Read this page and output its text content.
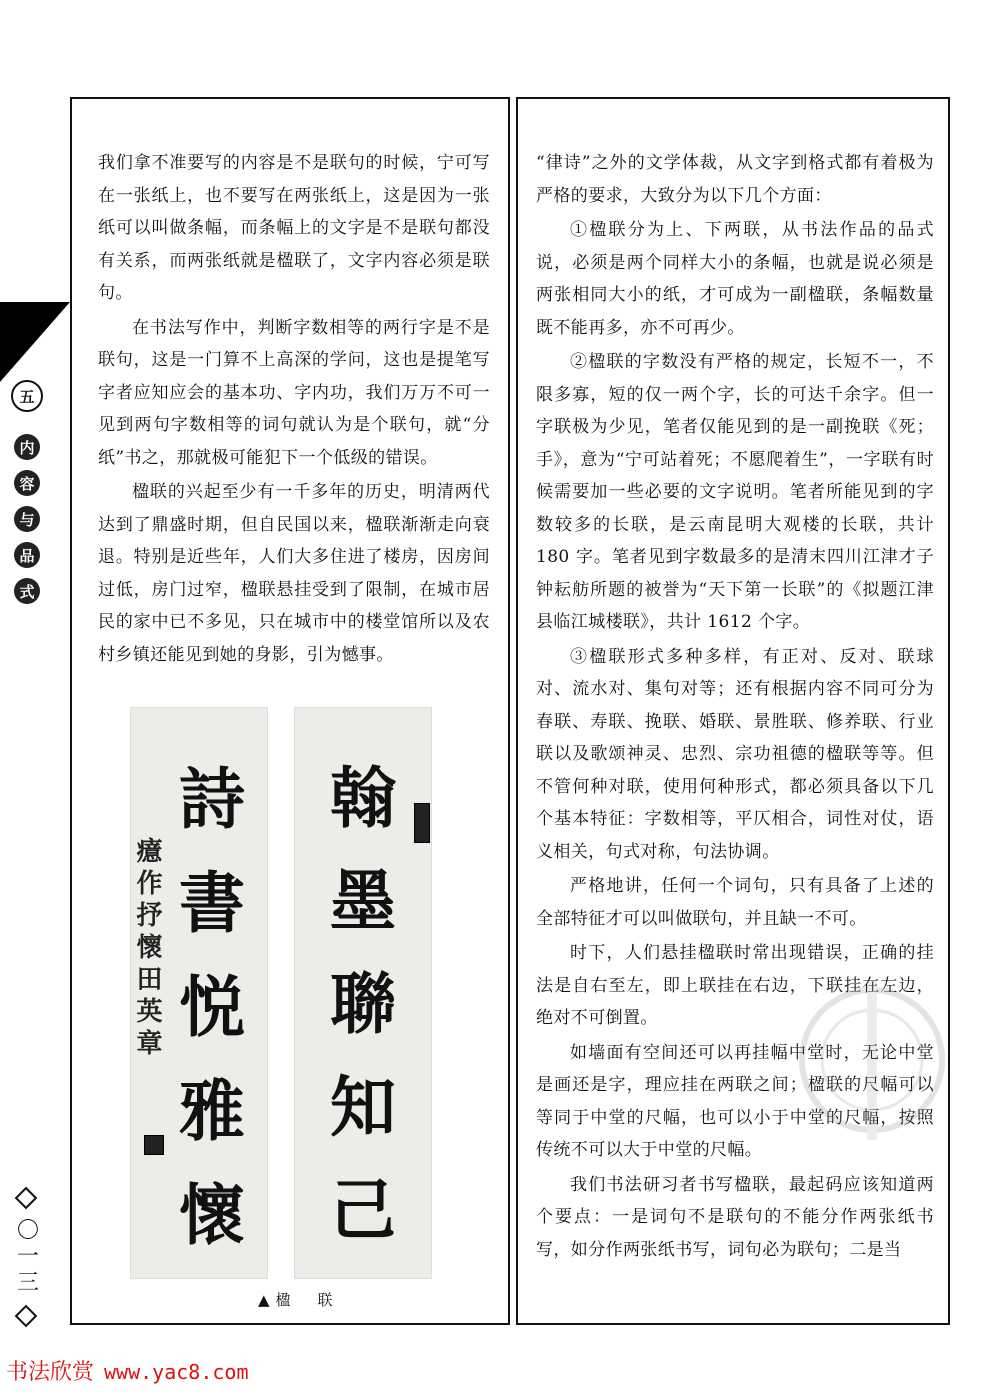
五
内
容
与
品
式
〇一三

我们拿不准要写的内容是不是联句的时候，宁可写在一张纸上，也不要写在两张纸上，这是因为一张纸可以叫做条幅，而条幅上的文字是不是联句都没有关系，而两张纸就是楹联了，文字内容必须是联句。

在书法写作中，判断字数相等的两行字是不是联句，这是一门算不上高深的学问，这也是提笔写字者应知应会的基本功、字内功，我们万万不可一见到两句字数相等的词句就认为是个联句，就“分纸”书之，那就极可能犯下一个低级的错误。

楹联的兴起至少有一千多年的历史，明清两代达到了鼎盛时期，但自民国以来，楹联渐渐走向衰退。特别是近些年，人们大多住进了楼房，因房间过低，房门过窄，楹联悬挂受到了限制，在城市居民的家中已不多见，只在城市中的楼堂馆所以及农村乡镇还能见到她的身影，引为憾事。

癔作抒懷田英章
詩
書
悦
雅
懷
翰
墨
聯
知
己
▲楹　联

“律诗”之外的文学体裁，从文字到格式都有着极为严格的要求，大致分为以下几个方面：

①楹联分为上、下两联，从书法作品的品式说，必须是两个同样大小的条幅，也就是说必须是两张相同大小的纸，才可成为一副楹联，条幅数量既不能再多，亦不可再少。

②楹联的字数没有严格的规定，长短不一，不限多寡，短的仅一两个字，长的可达千余字。但一字联极为少见，笔者仅能见到的是一副挽联《死；手》，意为“宁可站着死；不愿爬着生”，一字联有时候需要加一些必要的文字说明。笔者所能见到的字数较多的长联，是云南昆明大观楼的长联，共计 180 字。笔者见到字数最多的是清末四川江津才子钟耘舫所题的被誉为“天下第一长联”的《拟题江津县临江城楼联》，共计 1612 个字。

③楹联形式多种多样，有正对、反对、联球对、流水对、集句对等；还有根据内容不同可分为春联、寿联、挽联、婚联、景胜联、修养联、行业联以及歌颂神灵、忠烈、宗功祖德的楹联等等。但不管何种对联，使用何种形式，都必须具备以下几个基本特征：字数相等，平仄相合，词性对仗，语义相关，句式对称，句法协调。

严格地讲，任何一个词句，只有具备了上述的全部特征才可以叫做联句，并且缺一不可。

时下，人们悬挂楹联时常出现错误，正确的挂法是自右至左，即上联挂在右边，下联挂在左边，绝对不可倒置。

如墙面有空间还可以再挂幅中堂时，无论中堂是画还是字，理应挂在两联之间；楹联的尺幅可以等同于中堂的尺幅，也可以小于中堂的尺幅，按照传统不可以大于中堂的尺幅。

我们书法研习者书写楹联，最起码应该知道两个要点：一是词句不是联句的不能分作两张纸书写，如分作两张纸书写，词句必为联句；二是当

书法欣赏 www.yac8.com
